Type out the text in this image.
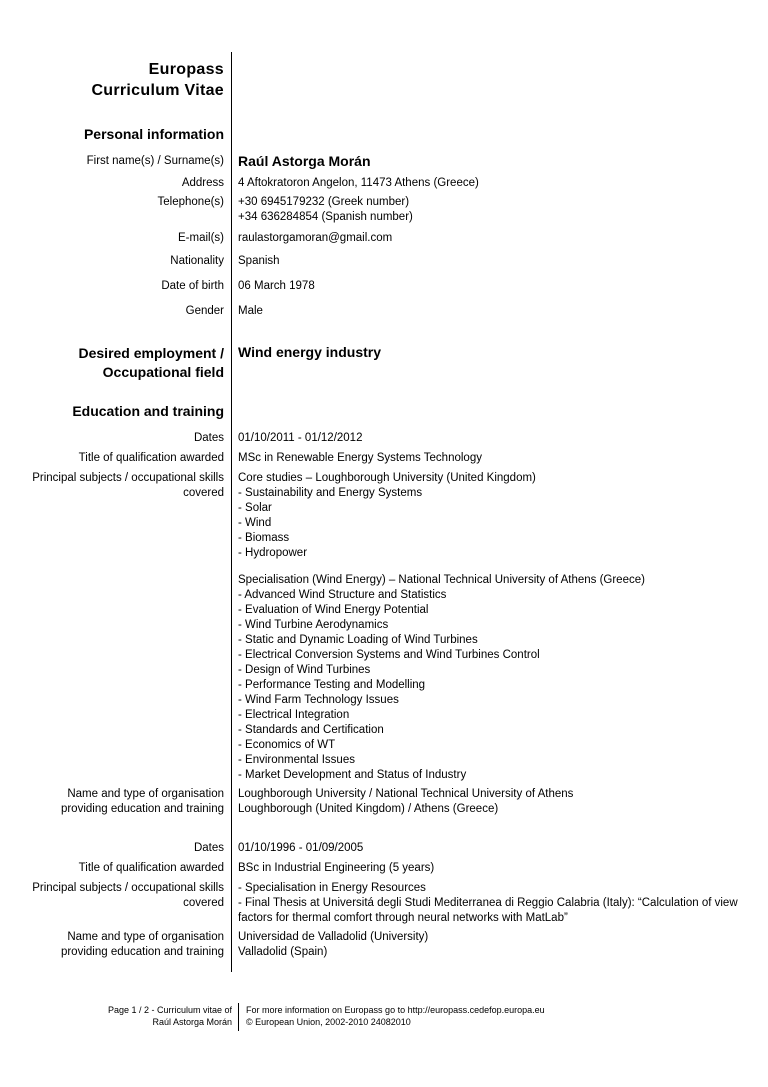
Europass
Curriculum Vitae
Personal information
First name(s) / Surname(s) Raúl Astorga Morán
Address 4 Aftokratoron Angelon, 11473 Athens (Greece)
Telephone(s) +30 6945179232 (Greek number)
+34 636284854 (Spanish number)
E-mail(s) raulastorgamoran@gmail.com
Nationality Spanish
Date of birth 06 March 1978
Gender Male
Desired employment /
Occupational field
Wind energy industry
Education and training
Dates 01/10/2011 - 01/12/2012
Title of qualification awarded MSc in Renewable Energy Systems Technology
Principal subjects / occupational skills
covered
Core studies – Loughborough University (United Kingdom)
- Sustainability and Energy Systems
- Solar
- Wind
- Biomass
- Hydropower
Specialisation (Wind Energy) – National Technical University of Athens (Greece)
- Advanced Wind Structure and Statistics
- Evaluation of Wind Energy Potential
- Wind Turbine Aerodynamics
- Static and Dynamic Loading of Wind Turbines
- Electrical Conversion Systems and Wind Turbines Control
- Design of Wind Turbines
- Performance Testing and Modelling
- Wind Farm Technology Issues
- Electrical Integration
- Standards and Certification
- Economics of WT
- Environmental Issues
- Market Development and Status of Industry
Name and type of organisation
providing education and training
Loughborough University / National Technical University of Athens
Loughborough (United Kingdom) / Athens (Greece)
Dates 01/10/1996 - 01/09/2005
Title of qualification awarded BSc in Industrial Engineering (5 years)
Principal subjects / occupational skills
covered
- Specialisation in Energy Resources
- Final Thesis at Universitá degli Studi Mediterranea di Reggio Calabria (Italy): “Calculation of view
factors for thermal comfort through neural networks with MatLab”
Name and type of organisation
providing education and training
Universidad de Valladolid (University)
Valladolid (Spain)
Page 1 / 2 - Curriculum vitae of
Raúl Astorga Morán
For more information on Europass go to http://europass.cedefop.europa.eu
© European Union, 2002-2010 24082010
